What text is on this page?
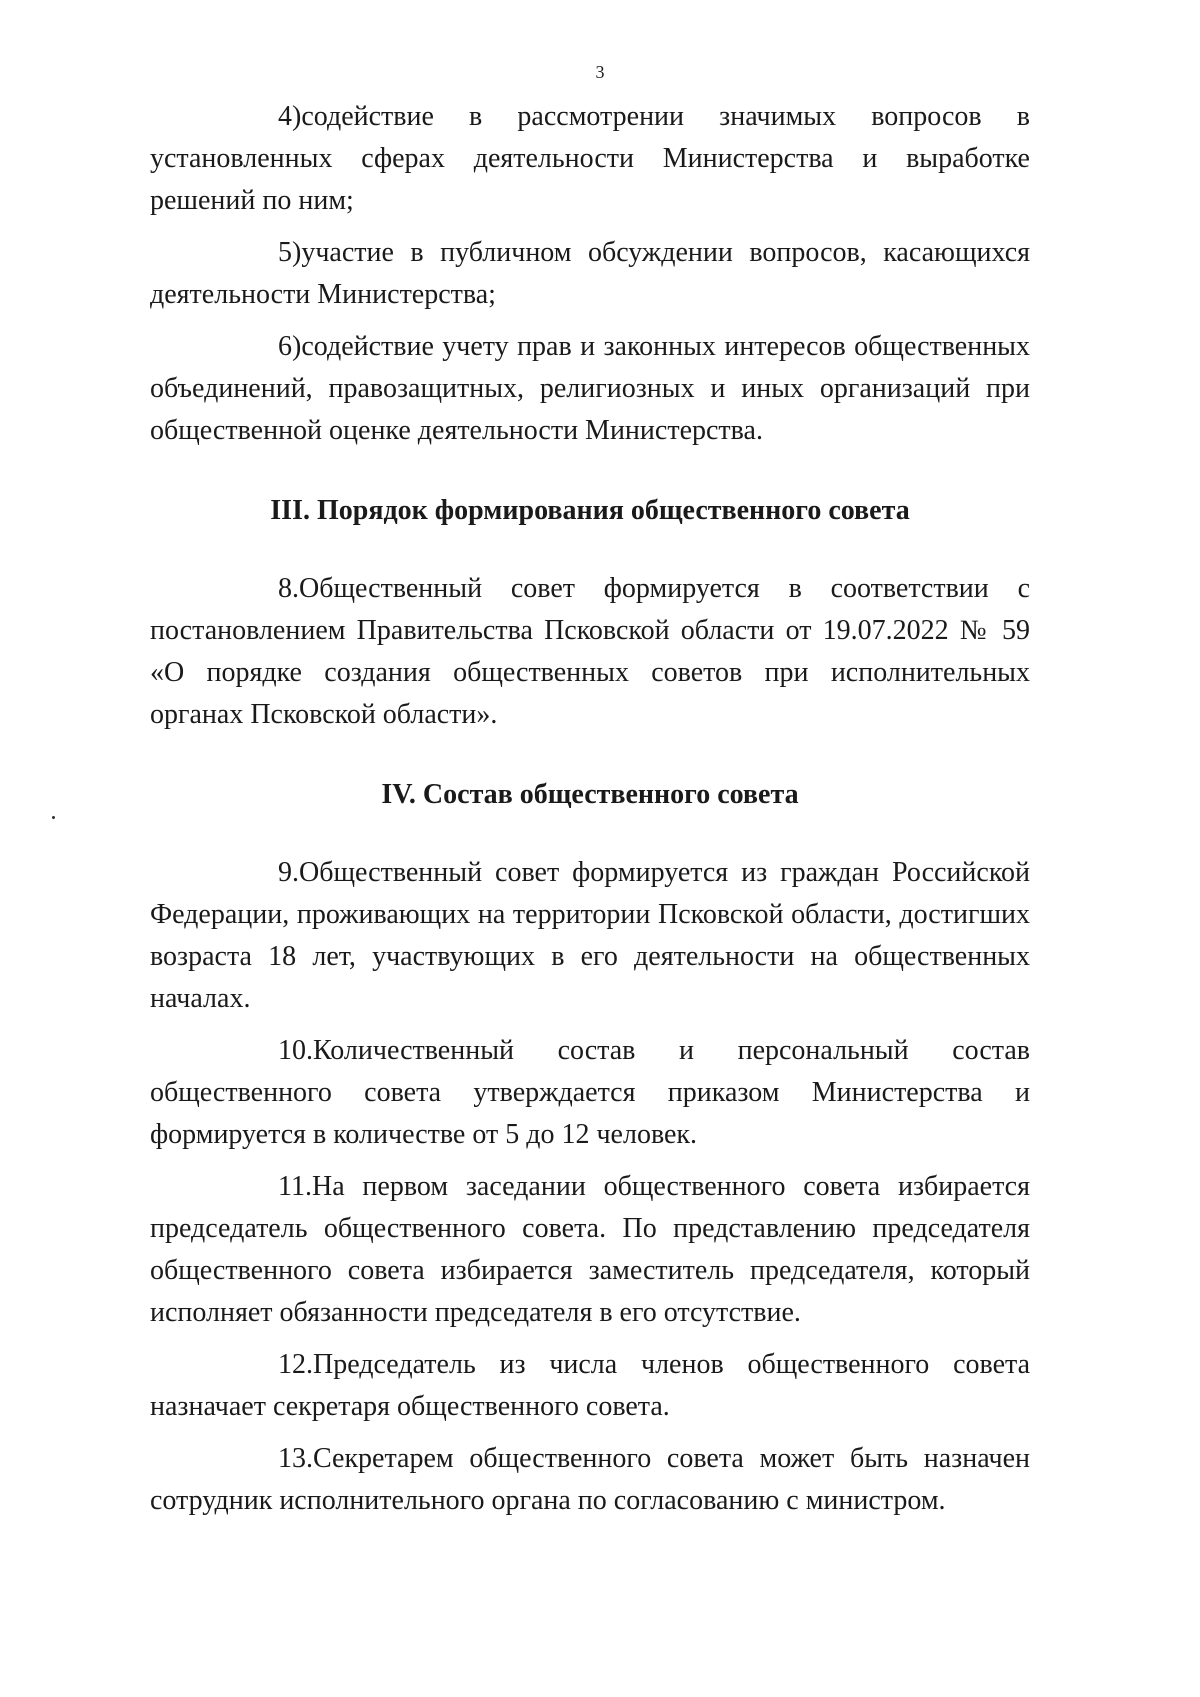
3

4)содействие в рассмотрении значимых вопросов в установленных сферах деятельности Министерства и выработке решений по ним;

5)участие в публичном обсуждении вопросов, касающихся деятельности Министерства;

6)содействие учету прав и законных интересов общественных объединений, правозащитных, религиозных и иных организаций при общественной оценке деятельности Министерства.

III. Порядок формирования общественного совета

8.Общественный совет формируется в соответствии с постановлением Правительства Псковской области от 19.07.2022 № 59 «О порядке создания общественных советов при исполнительных органах Псковской области».

IV. Состав общественного совета

9.Общественный совет формируется из граждан Российской Федерации, проживающих на территории Псковской области, достигших возраста 18 лет, участвующих в его деятельности на общественных началах.

10.Количественный состав и персональный состав общественного совета утверждается приказом Министерства и формируется в количестве от 5 до 12 человек.

11.На первом заседании общественного совета избирается председатель общественного совета. По представлению председателя общественного совета избирается заместитель председателя, который исполняет обязанности председателя в его отсутствие.

12.Председатель из числа членов общественного совета назначает секретаря общественного совета.

13.Секретарем общественного совета может быть назначен сотрудник исполнительного органа по согласованию с министром.
